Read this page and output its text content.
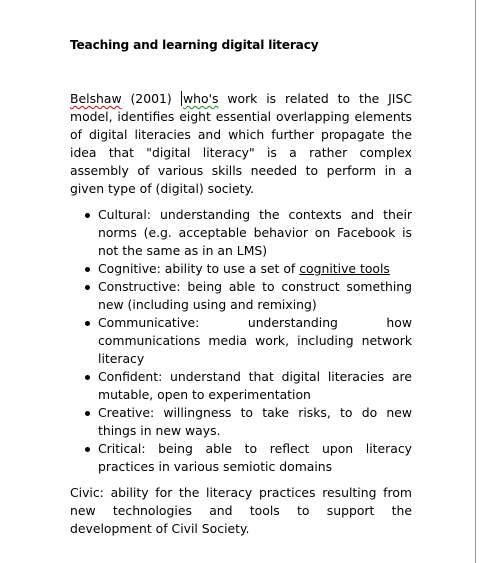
Teaching and learning digital literacy

Belshaw (2001) who's work is related to the JISC model, identifies eight essential overlapping elements of digital literacies and which further propagate the idea that "digital literacy" is a rather complex assembly of various skills needed to perform in a given type of (digital) society.

Cultural: understanding the contexts and their norms (e.g. acceptable behavior on Facebook is not the same as in an LMS)
Cognitive: ability to use a set of cognitive tools
Constructive: being able to construct something new (including using and remixing)
Communicative: understanding how communications media work, including network literacy
Confident: understand that digital literacies are mutable, open to experimentation
Creative: willingness to take risks, to do new things in new ways.
Critical: being able to reflect upon literacy practices in various semiotic domains

Civic: ability for the literacy practices resulting from new technologies and tools to support the development of Civil Society.
